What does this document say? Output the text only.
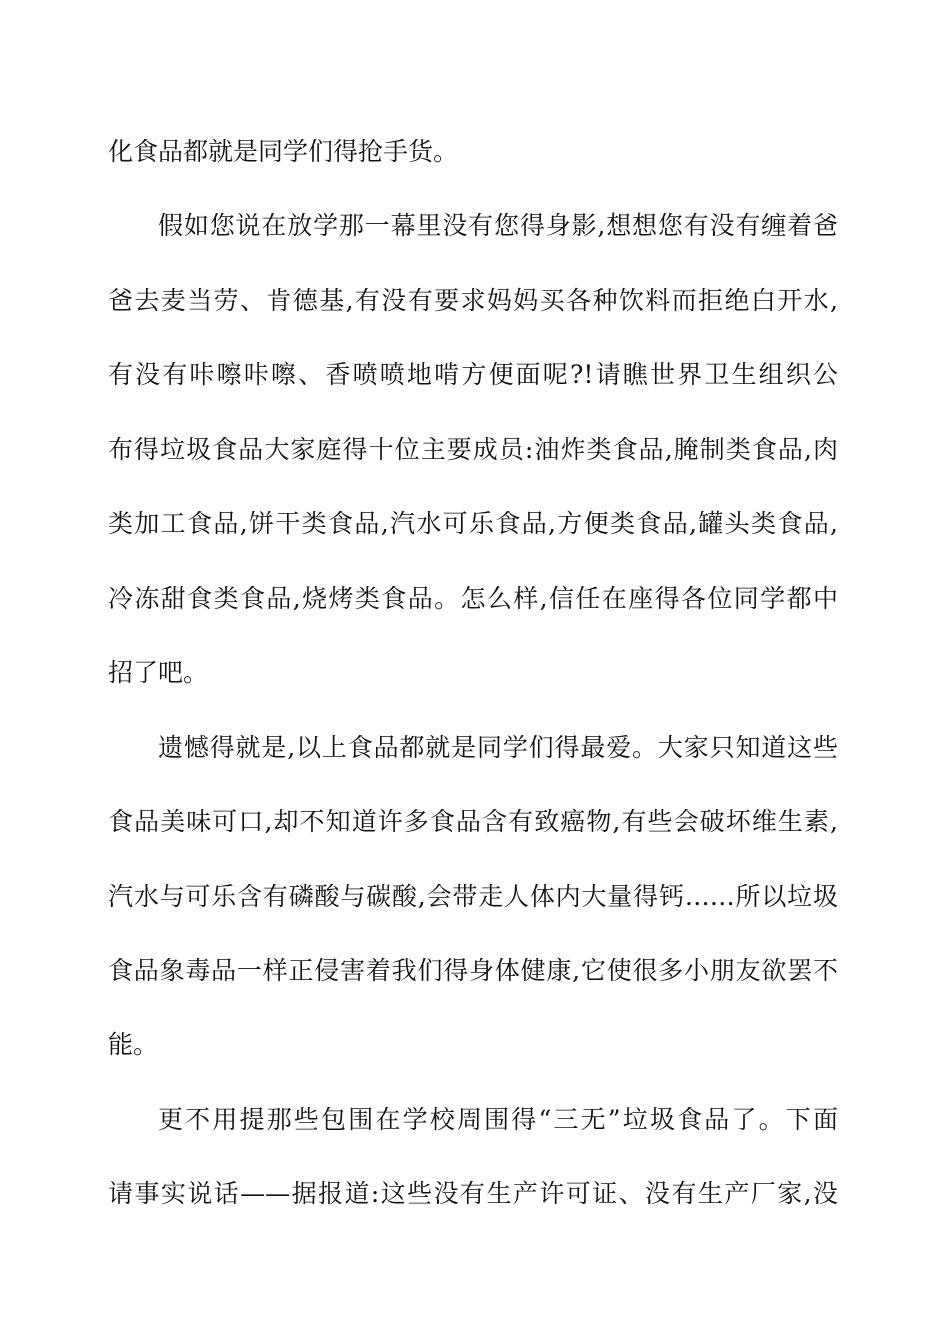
化食品都就是同学们得抢手货。
假如您说在放学那一幕里没有您得身影,想想您有没有缠着爸
爸去麦当劳、肯德基,有没有要求妈妈买各种饮料而拒绝白开水,
有没有咔嚓咔嚓、香喷喷地啃方便面呢?!请瞧世界卫生组织公
布得垃圾食品大家庭得十位主要成员:油炸类食品,腌制类食品,肉
类加工食品,饼干类食品,汽水可乐食品,方便类食品,罐头类食品,
冷冻甜食类食品,烧烤类食品。怎么样,信任在座得各位同学都中
招了吧。
遗憾得就是,以上食品都就是同学们得最爱。大家只知道这些
食品美味可口,却不知道许多食品含有致癌物,有些会破坏维生素,
汽水与可乐含有磷酸与碳酸,会带走人体内大量得钙……所以垃圾
食品象毒品一样正侵害着我们得身体健康,它使很多小朋友欲罢不
能。
更不用提那些包围在学校周围得“三无”垃圾食品了。下面
请事实说话——据报道:这些没有生产许可证、没有生产厂家,没
